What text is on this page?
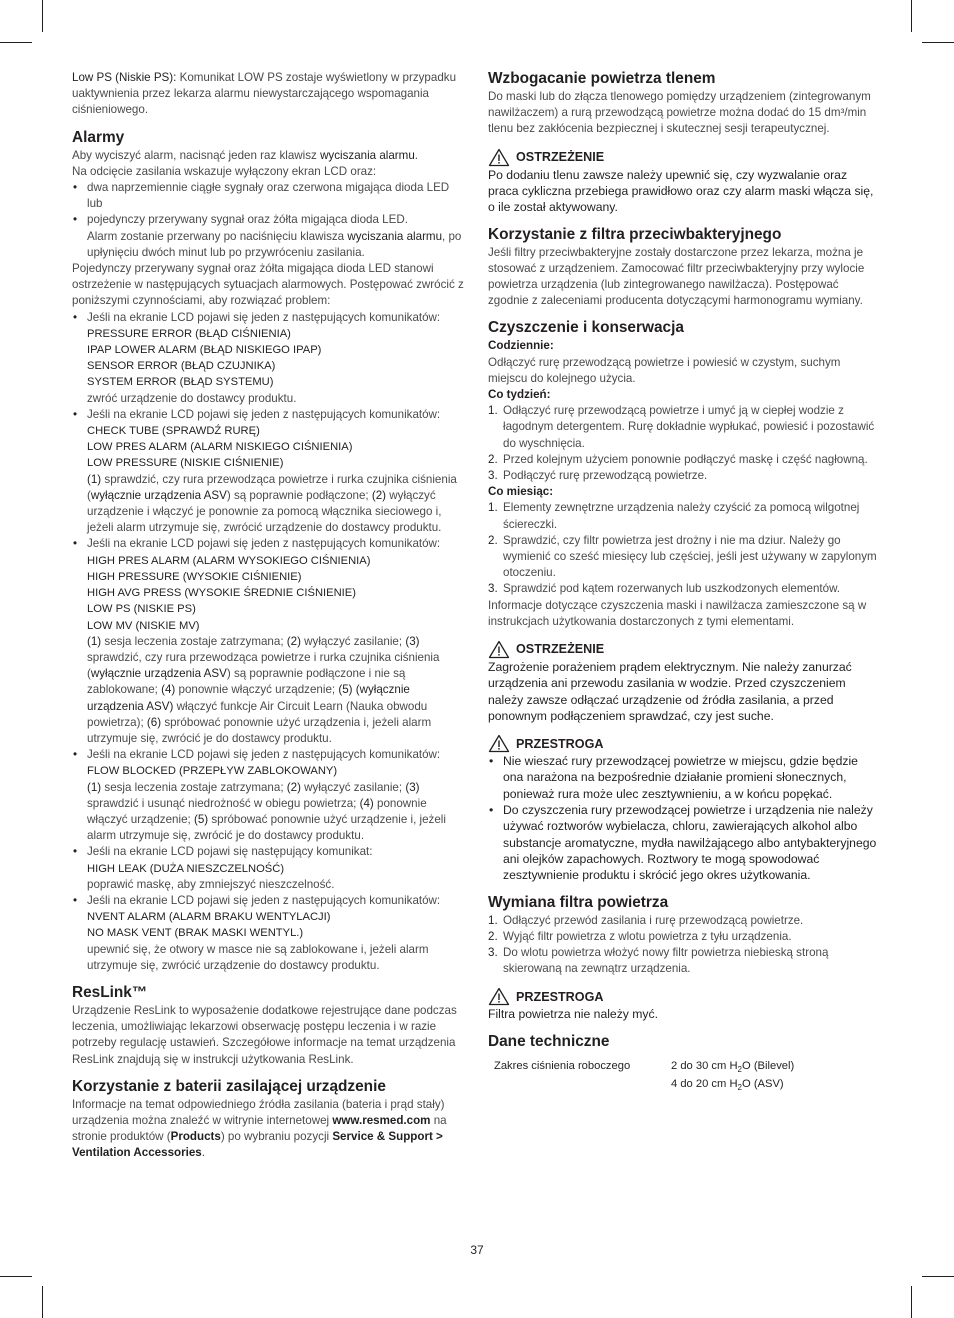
Low PS (Niskie PS): Komunikat LOW PS zostaje wyświetlony w przypadku uaktywnienia przez lekarza alarmu niewystarczającego wspomagania ciśnieniowego.

Alarmy

Aby wyciszyć alarm, nacisnąć jeden raz klawisz wyciszania alarmu.

Na odcięcie zasilania wskazuje wyłączony ekran LCD oraz:

• dwa naprzemiennie ciągłe sygnały oraz czerwona migająca dioda LED lub
• pojedynczy przerywany sygnał oraz żółta migająca dioda LED.
Alarm zostanie przerwany po naciśnięciu klawisza wyciszania alarmu, po upłynięciu dwóch minut lub po przywróceniu zasilania.

Pojedynczy przerywany sygnał oraz żółta migająca dioda LED stanowi ostrzeżenie w następujących sytuacjach alarmowych. Postępować zwrócić z poniższymi czynnościami, aby rozwiązać problem:

• Jeśli na ekranie LCD pojawi się jeden z następujących komunikatów:
PRESSURE ERROR (BŁĄD CIŚNIENIA)
IPAP LOWER ALARM (BŁĄD NISKIEGO IPAP)
SENSOR ERROR (BŁĄD CZUJNIKA)
SYSTEM ERROR (BŁĄD SYSTEMU)
zwróć urządzenie do dostawcy produktu.
• Jeśli na ekranie LCD pojawi się jeden z następujących komunikatów:
CHECK TUBE (SPRAWDŹ RURĘ)
LOW PRES ALARM (ALARM NISKIEGO CIŚNIENIA)
LOW PRESSURE (NISKIE CIŚNIENIE)
(1) sprawdzić, czy rura przewodząca powietrze i rurka czujnika ciśnienia (wyłącznie urządzenia ASV) są poprawnie podłączone; (2) wyłączyć urządzenie i włączyć je ponownie za pomocą włącznika sieciowego i, jeżeli alarm utrzymuje się, zwrócić urządzenie do dostawcy produktu.
• Jeśli na ekranie LCD pojawi się jeden z następujących komunikatów:
HIGH PRES ALARM (ALARM WYSOKIEGO CIŚNIENIA)
HIGH PRESSURE (WYSOKIE CIŚNIENIE)
HIGH AVG PRESS (WYSOKIE ŚREDNIE CIŚNIENIE)
LOW PS (NISKIE PS)
LOW MV (NISKIE MV)
(1) sesja leczenia zostaje zatrzymana; (2) wyłączyć zasilanie; (3) sprawdzić, czy rura przewodząca powietrze i rurka czujnika ciśnienia (wyłącznie urządzenia ASV) są poprawnie podłączone i nie są zablokowane; (4) ponownie włączyć urządzenie; (5) (wyłącznie urządzenia ASV) włączyć funkcje Air Circuit Learn (Nauka obwodu powietrza); (6) spróbować ponownie użyć urządzenia i, jeżeli alarm utrzymuje się, zwrócić je do dostawcy produktu.
• Jeśli na ekranie LCD pojawi się jeden z następujących komunikatów:
FLOW BLOCKED (PRZEPŁYW ZABLOKOWANY)
(1) sesja leczenia zostaje zatrzymana; (2) wyłączyć zasilanie; (3) sprawdzić i usunąć niedrożność w obiegu powietrza; (4) ponownie włączyć urządzenie; (5) spróbować ponownie użyć urządzenie i, jeżeli alarm utrzymuje się, zwrócić je do dostawcy produktu.
• Jeśli na ekranie LCD pojawi się następujący komunikat:
HIGH LEAK (DUŻA NIESZCZELNOŚĆ)
poprawić maskę, aby zmniejszyć nieszczelność.
• Jeśli na ekranie LCD pojawi się jeden z następujących komunikatów:
NVENT ALARM (ALARM BRAKU WENTYLACJI)
NO MASK VENT (BRAK MASKI WENTYL.)
upewnić się, że otwory w masce nie są zablokowane i, jeżeli alarm utrzymuje się, zwrócić urządzenie do dostawcy produktu.
ResLink™

Urządzenie ResLink to wyposażenie dodatkowe rejestrujące dane podczas leczenia, umożliwiając lekarzowi obserwację postępu leczenia i w razie potrzeby regulację ustawień. Szczegółowe informacje na temat urządzenia ResLink znajdują się w instrukcji użytkowania ResLink.

Korzystanie z baterii zasilającej urządzenie

Informacje na temat odpowiedniego źródła zasilania (bateria i prąd stały) urządzenia można znaleźć w witrynie internetowej www.resmed.com na stronie produktów (Products) po wybraniu pozycji Service & Support > Ventilation Accessories.

Wzbogacanie powietrza tlenem

Do maski lub do złącza tlenowego pomiędzy urządzeniem (zintegrowanym nawilżaczem) a rurą przewodzącą powietrze można dodać do 15 dm³/min tlenu bez zakłócenia bezpiecznej i skutecznej sesji terapeutycznej.

OSTRZEŻENIE

Po dodaniu tlenu zawsze należy upewnić się, czy wyzwalanie oraz praca cykliczna przebiega prawidłowo oraz czy alarm maski włącza się, o ile został aktywowany.

Korzystanie z filtra przeciwbakteryjnego

Jeśli filtry przeciwbakteryjne zostały dostarczone przez lekarza, można je stosować z urządzeniem. Zamocować filtr przeciwbakteryjny przy wylocie powietrza urządzenia (lub zintegrowanego nawilżacza). Postępować zgodnie z zaleceniami producenta dotyczącymi harmonogramu wymiany.

Czyszczenie i konserwacja

Codziennie:

Odłączyć rurę przewodzącą powietrze i powiesić w czystym, suchym miejscu do kolejnego użycia.

Co tydzień:

1. Odłączyć rurę przewodzącą powietrze i umyć ją w ciepłej wodzie z łagodnym detergentem. Rurę dokładnie wypłukać, powiesić i pozostawić do wyschnięcia.
2. Przed kolejnym użyciem ponownie podłączyć maskę i część nagłowną.
3. Podłączyć rurę przewodzącą powietrze.

Co miesiąc:

1. Elementy zewnętrzne urządzenia należy czyścić za pomocą wilgotnej ściereczki.
2. Sprawdzić, czy filtr powietrza jest drożny i nie ma dziur. Należy go wymienić co sześć miesięcy lub częściej, jeśli jest używany w zapylonym otoczeniu.
3. Sprawdzić pod kątem rozerwanych lub uszkodzonych elementów.

Informacje dotyczące czyszczenia maski i nawilżacza zamieszczone są w instrukcjach użytkowania dostarczonych z tymi elementami.

OSTRZEŻENIE

Zagrożenie porażeniem prądem elektrycznym. Nie należy zanurzać urządzenia ani przewodu zasilania w wodzie. Przed czyszczeniem należy zawsze odłączać urządzenie od źródła zasilania, a przed ponownym podłączeniem sprawdzać, czy jest suche.

PRZESTROGA
• Nie wieszać rury przewodzącej powietrze w miejscu, gdzie będzie ona narażona na bezpośrednie działanie promieni słonecznych, ponieważ rura może ulec zesztywnieniu, a w końcu popękać.
• Do czyszczenia rury przewodzącej powietrze i urządzenia nie należy używać roztworów wybielacza, chloru, zawierających alkohol albo substancje aromatyczne, mydła nawilżającego albo antybakteryjnego ani olejków zapachowych. Roztwory te mogą spowodować zesztywnienie produktu i skrócić jego okres użytkowania.
Wymiana filtra powietrza
1. Odłączyć przewód zasilania i rurę przewodzącą powietrze.
2. Wyjąć filtr powietrza z wlotu powietrza z tyłu urządzenia.
3. Do wlotu powietrza włożyć nowy filtr powietrza niebieską stroną skierowaną na zewnątrz urządzenia.
PRZESTROGA

Filtra powietrza nie należy myć.

Dane techniczne
Zakres ciśnienia roboczego	2 do 30 cm $H_2O$ (Bilevel)
4 do 20 cm $H_2O$ (ASV)
37
